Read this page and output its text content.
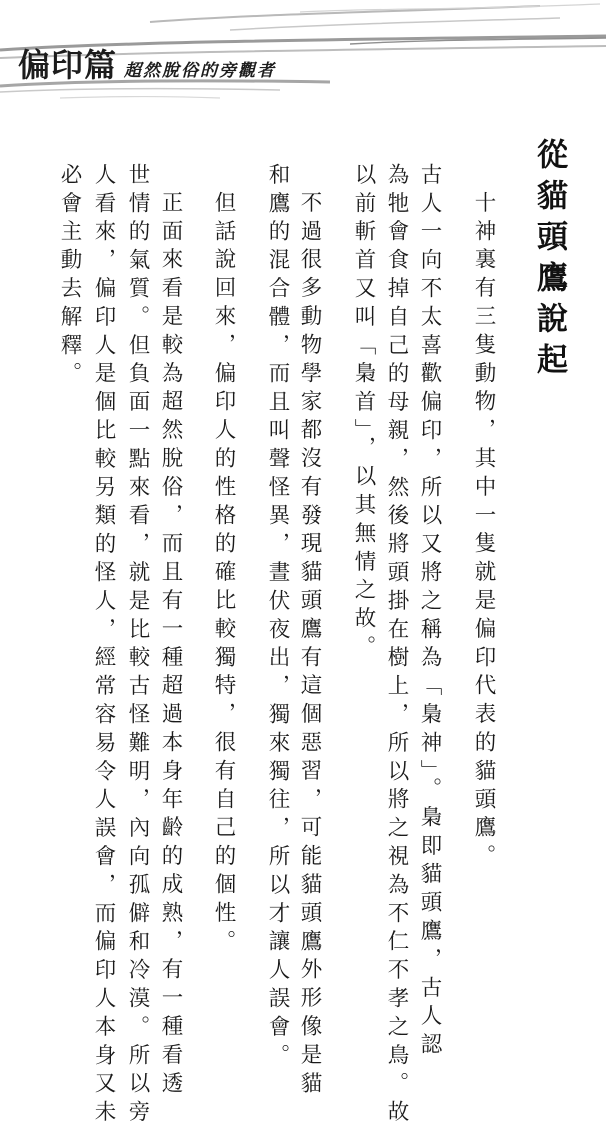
偏印篇 超然脫俗的旁觀者
從貓頭鷹說起
十神裏有三隻動物，其中一隻就是偏印代表的貓頭鷹。
古人一向不太喜歡偏印，所以又將之稱為「梟神」。梟即貓頭鷹，古人認
為牠會食掉自己的母親，然後將頭掛在樹上，所以將之視為不仁不孝之鳥。故
以前斬首又叫「梟首」，以其無情之故。
不過很多動物學家都沒有發現貓頭鷹有這個惡習，可能貓頭鷹外形像是貓
和鷹的混合體，而且叫聲怪異，晝伏夜出，獨來獨往，所以才讓人誤會。
但話說回來，偏印人的性格的確比較獨特，很有自己的個性。
正面來看是較為超然脫俗，而且有一種超過本身年齡的成熟，有一種看透
世情的氣質。但負面一點來看，就是比較古怪難明，內向孤僻和冷漠。所以旁
人看來，偏印人是個比較另類的怪人，經常容易令人誤會，而偏印人本身又未
必會主動去解釋。
